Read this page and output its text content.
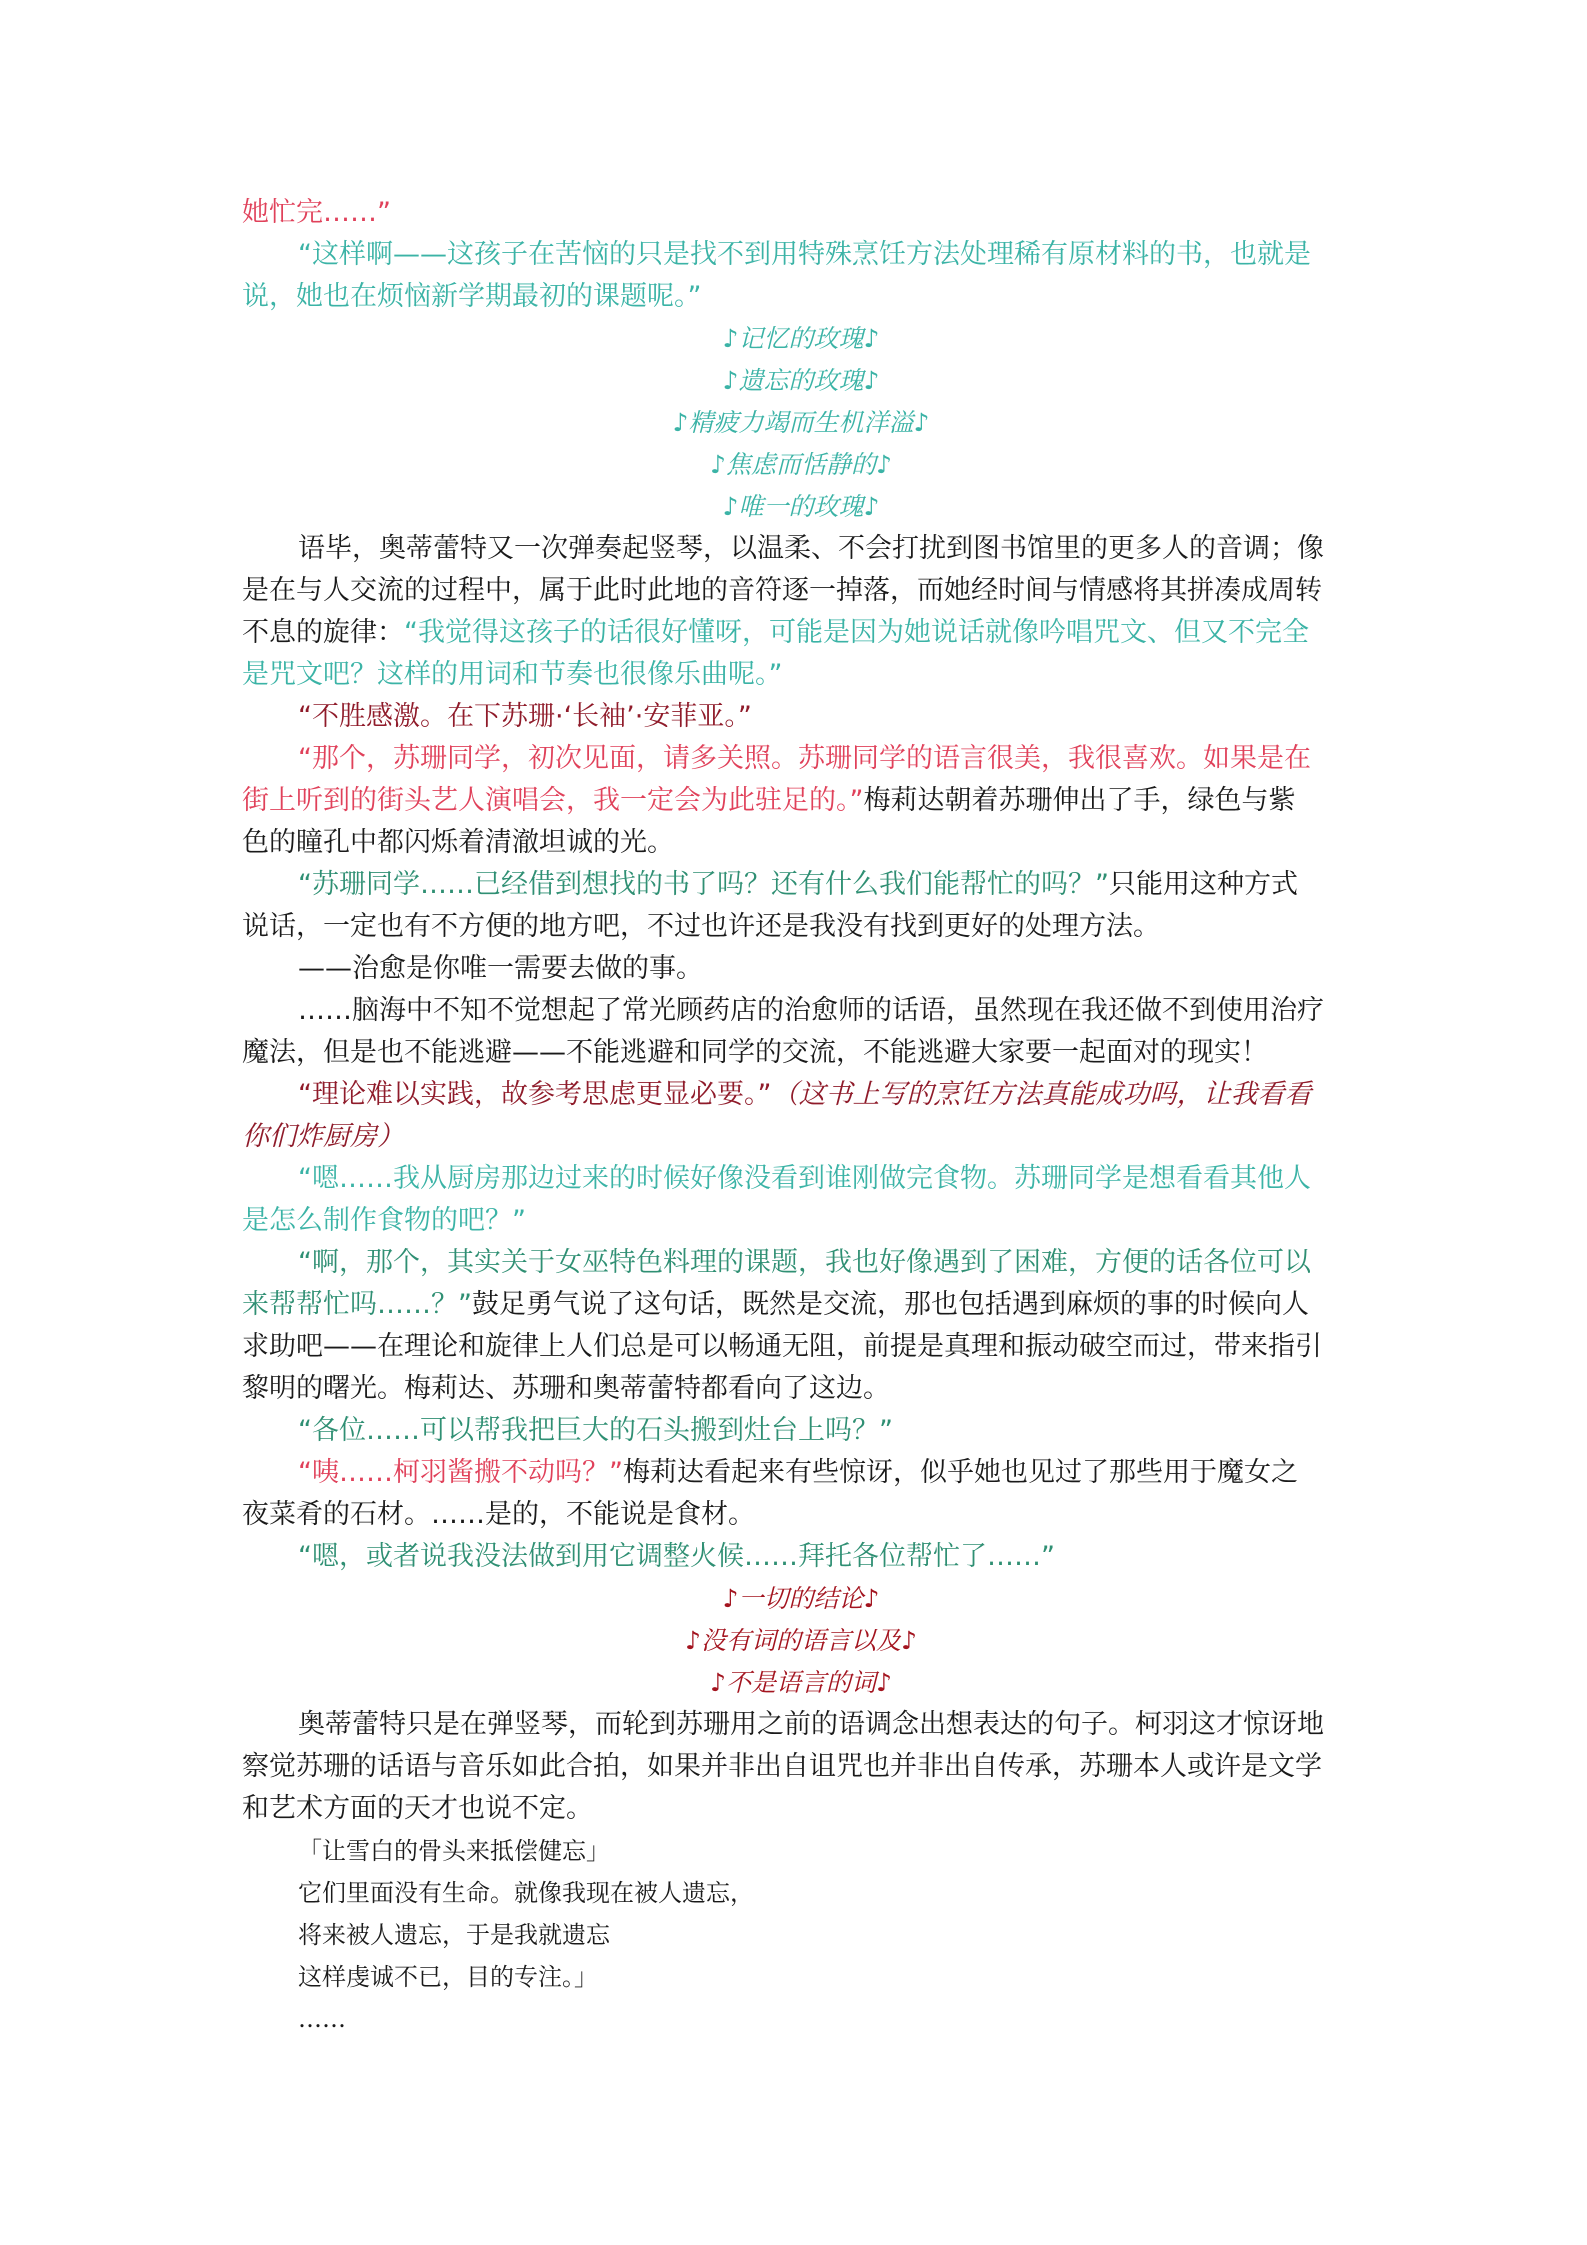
她忙完……”
“这样啊——这孩子在苦恼的只是找不到用特殊烹饪方法处理稀有原材料的书，也就是
说，她也在烦恼新学期最初的课题呢。”
♪记忆的玫瑰♪
♪遗忘的玫瑰♪
♪精疲力竭而生机洋溢♪
♪焦虑而恬静的♪
♪唯一的玫瑰♪
语毕，奥蒂蕾特又一次弹奏起竖琴，以温柔、不会打扰到图书馆里的更多人的音调；像
是在与人交流的过程中，属于此时此地的音符逐一掉落，而她经时间与情感将其拼凑成周转
不息的旋律：“我觉得这孩子的话很好懂呀，可能是因为她说话就像吟唱咒文、但又不完全
是咒文吧？这样的用词和节奏也很像乐曲呢。”
“不胜感激。在下苏珊·‘长袖’·安菲亚。”
“那个，苏珊同学，初次见面，请多关照。苏珊同学的语言很美，我很喜欢。如果是在
街上听到的街头艺人演唱会，我一定会为此驻足的。”梅莉达朝着苏珊伸出了手，绿色与紫
色的瞳孔中都闪烁着清澈坦诚的光。
“苏珊同学……已经借到想找的书了吗？还有什么我们能帮忙的吗？”只能用这种方式
说话，一定也有不方便的地方吧，不过也许还是我没有找到更好的处理方法。
——治愈是你唯一需要去做的事。
……脑海中不知不觉想起了常光顾药店的治愈师的话语，虽然现在我还做不到使用治疗
魔法，但是也不能逃避——不能逃避和同学的交流，不能逃避大家要一起面对的现实！
“理论难以实践，故参考思虑更显必要。”（这书上写的烹饪方法真能成功吗，让我看看
你们炸厨房）
“嗯……我从厨房那边过来的时候好像没看到谁刚做完食物。苏珊同学是想看看其他人
是怎么制作食物的吧？”
“啊，那个，其实关于女巫特色料理的课题，我也好像遇到了困难，方便的话各位可以
来帮帮忙吗……？”鼓足勇气说了这句话，既然是交流，那也包括遇到麻烦的事的时候向人
求助吧——在理论和旋律上人们总是可以畅通无阻，前提是真理和振动破空而过，带来指引
黎明的曙光。梅莉达、苏珊和奥蒂蕾特都看向了这边。
“各位……可以帮我把巨大的石头搬到灶台上吗？”
“咦……柯羽酱搬不动吗？”梅莉达看起来有些惊讶，似乎她也见过了那些用于魔女之
夜菜肴的石材。……是的，不能说是食材。
“嗯，或者说我没法做到用它调整火候……拜托各位帮忙了……”
♪一切的结论♪
♪没有词的语言以及♪
♪不是语言的词♪
奥蒂蕾特只是在弹竖琴，而轮到苏珊用之前的语调念出想表达的句子。柯羽这才惊讶地
察觉苏珊的话语与音乐如此合拍，如果并非出自诅咒也并非出自传承，苏珊本人或许是文学
和艺术方面的天才也说不定。
「让雪白的骨头来抵偿健忘」
它们里面没有生命。就像我现在被人遗忘，
将来被人遗忘，于是我就遗忘
这样虔诚不已，目的专注。」
……
